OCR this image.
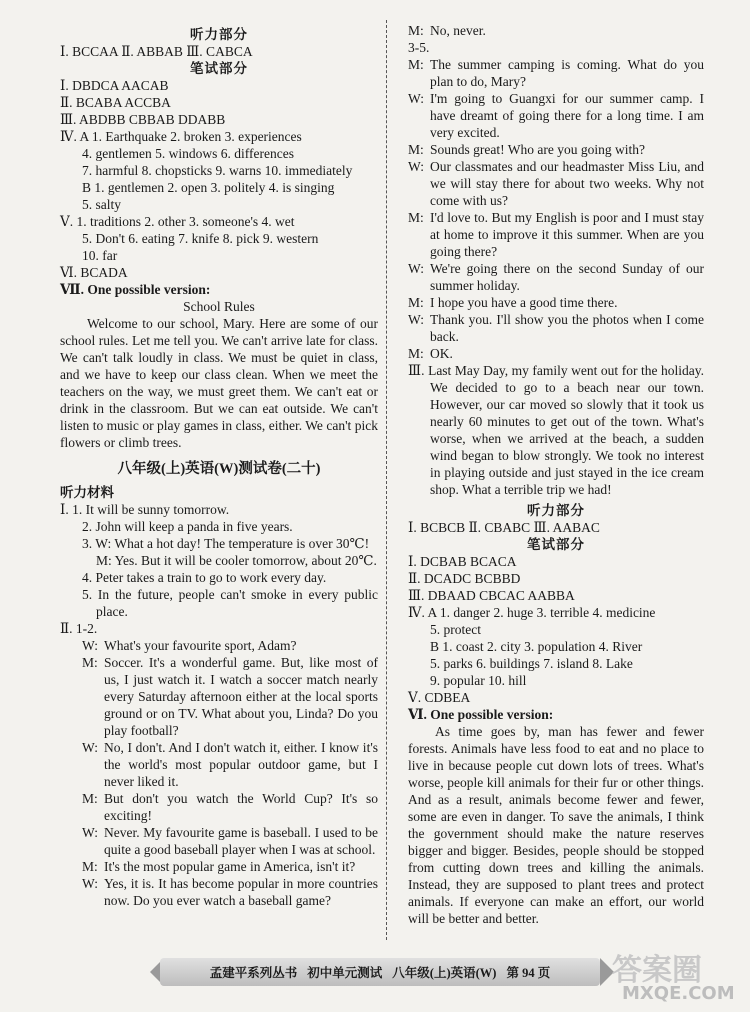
听力部分
Ⅰ. BCCAA Ⅱ. ABBAB Ⅲ. CABCA
笔试部分
Ⅰ. DBDCA AACAB
Ⅱ. BCABA ACCBA
Ⅲ. ABDBB CBBAB DDABB
Ⅳ. A 1. Earthquake 2. broken 3. experiences
4. gentlemen 5. windows 6. differences
7. harmful 8. chopsticks 9. warns 10. immediately
B 1. gentlemen 2. open 3. politely 4. is singing
5. salty
Ⅴ. 1. traditions 2. other 3. someone's 4. wet
5. Don't 6. eating 7. knife 8. pick 9. western
10. far
Ⅵ. BCADA
Ⅶ. One possible version:
School Rules

Welcome to our school, Mary. Here are some of our school rules. Let me tell you. We can't arrive late for class. We can't talk loudly in class. We must be quiet in class, and we have to keep our class clean. When we meet the teachers on the way, we must greet them. We can't eat or drink in the classroom. But we can eat outside. We can't listen to music or play games in class, either. We can't pick flowers or climb trees.

八年级(上)英语(W)测试卷(二十)
听力材料
Ⅰ. 1. It will be sunny tomorrow.
2. John will keep a panda in five years.
3. W: What a hot day! The temperature is over 30℃!
M: Yes. But it will be cooler tomorrow, about 20℃.
4. Peter takes a train to go to work every day.
5. In the future, people can't smoke in every public place.
Ⅱ. 1-2.
W: What's your favourite sport, Adam?
M: Soccer. It's a wonderful game. But, like most of us, I just watch it. I watch a soccer match nearly every Saturday afternoon either at the local sports ground or on TV. What about you, Linda? Do you play football?
W: No, I don't. And I don't watch it, either. I know it's the world's most popular outdoor game, but I never liked it.
M: But don't you watch the World Cup? It's so exciting!
W: Never. My favourite game is baseball. I used to be quite a good baseball player when I was at school.
M: It's the most popular game in America, isn't it?
W: Yes, it is. It has become popular in more countries now. Do you ever watch a baseball game?
M: No, never.
3-5.
M: The summer camping is coming. What do you plan to do, Mary?
W: I'm going to Guangxi for our summer camp. I have dreamt of going there for a long time. I am very excited.
M: Sounds great! Who are you going with?
W: Our classmates and our headmaster Miss Liu, and we will stay there for about two weeks. Why not come with us?
M: I'd love to. But my English is poor and I must stay at home to improve it this summer. When are you going there?
W: We're going there on the second Sunday of our summer holiday.
M: I hope you have a good time there.
W: Thank you. I'll show you the photos when I come back.
M: OK.
Ⅲ. Last May Day, my family went out for the holiday. We decided to go to a beach near our town. However, our car moved so slowly that it took us nearly 60 minutes to get out of the town. What's worse, when we arrived at the beach, a sudden wind began to blow strongly. We took no interest in playing outside and just stayed in the ice cream shop. What a terrible trip we had!
听力部分
Ⅰ. BCBCB Ⅱ. CBABC Ⅲ. AABAC
笔试部分
Ⅰ. DCBAB BCACA
Ⅱ. DCADC BCBBD
Ⅲ. DBAAD CBCAC AABBA
Ⅳ. A 1. danger 2. huge 3. terrible 4. medicine
5. protect
B 1. coast 2. city 3. population 4. River
5. parks 6. buildings 7. island 8. Lake
9. popular 10. hill
Ⅴ. CDBEA
Ⅵ. One possible version:

As time goes by, man has fewer and fewer forests. Animals have less food to eat and no place to live in because people cut down lots of trees. What's worse, people kill animals for their fur or other things. And as a result, animals become fewer and fewer, some are even in danger. To save the animals, I think the government should make the nature reserves bigger and bigger. Besides, people should be stopped from cutting down trees and killing the animals. Instead, they are supposed to plant trees and protect animals. If everyone can make an effort, our world will be better and better.

孟建平系列丛书 初中单元测试 八年级(上)英语(W) 第 94 页 答案圈
MXQE.COM
